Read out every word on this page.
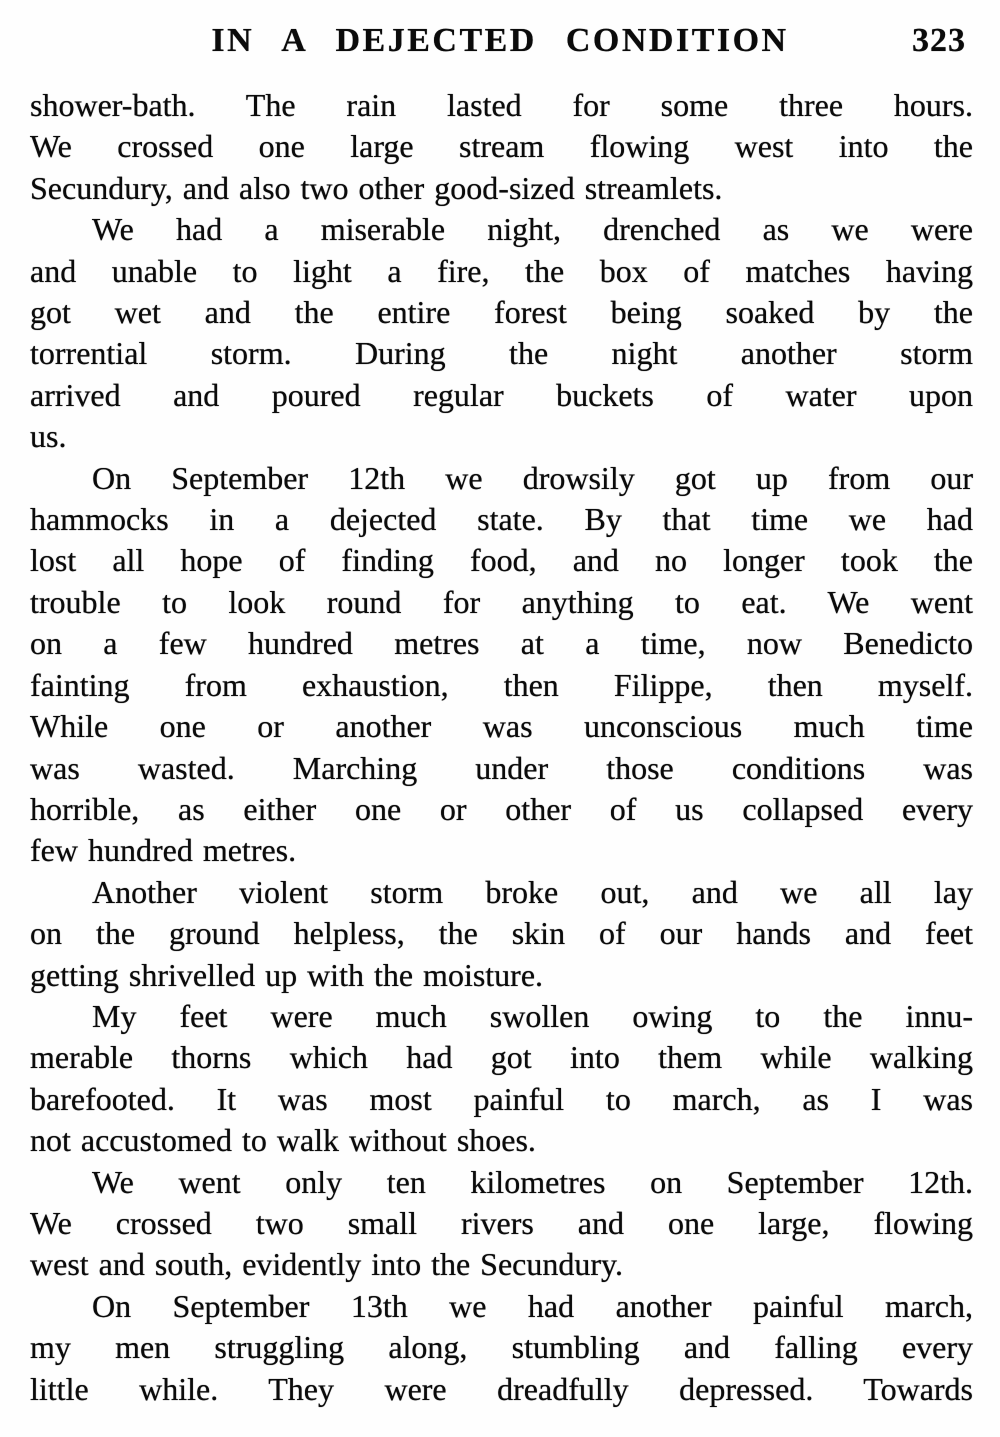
IN A DEJECTED CONDITION	323
shower-bath. The rain lasted for some three hours.
We crossed one large stream flowing west into the
Secundury, and also two other good-sized streamlets.
We had a miserable night, drenched as we were
and unable to light a fire, the box of matches having
got wet and the entire forest being soaked by the
torrential storm. During the night another storm
arrived and poured regular buckets of water upon
us.
On September 12th we drowsily got up from our
hammocks in a dejected state. By that time we had
lost all hope of finding food, and no longer took the
trouble to look round for anything to eat. We went
on a few hundred metres at a time, now Benedicto
fainting from exhaustion, then Filippe, then myself.
While one or another was unconscious much time
was wasted. Marching under those conditions was
horrible, as either one or other of us collapsed every
few hundred metres.
Another violent storm broke out, and we all lay
on the ground helpless, the skin of our hands and feet
getting shrivelled up with the moisture.
My feet were much swollen owing to the innu-
merable thorns which had got into them while walking
barefooted. It was most painful to march, as I was
not accustomed to walk without shoes.
We went only ten kilometres on September 12th.
We crossed two small rivers and one large, flowing
west and south, evidently into the Secundury.
On September 13th we had another painful march,
my men struggling along, stumbling and falling every
little while. They were dreadfully depressed. Towards
